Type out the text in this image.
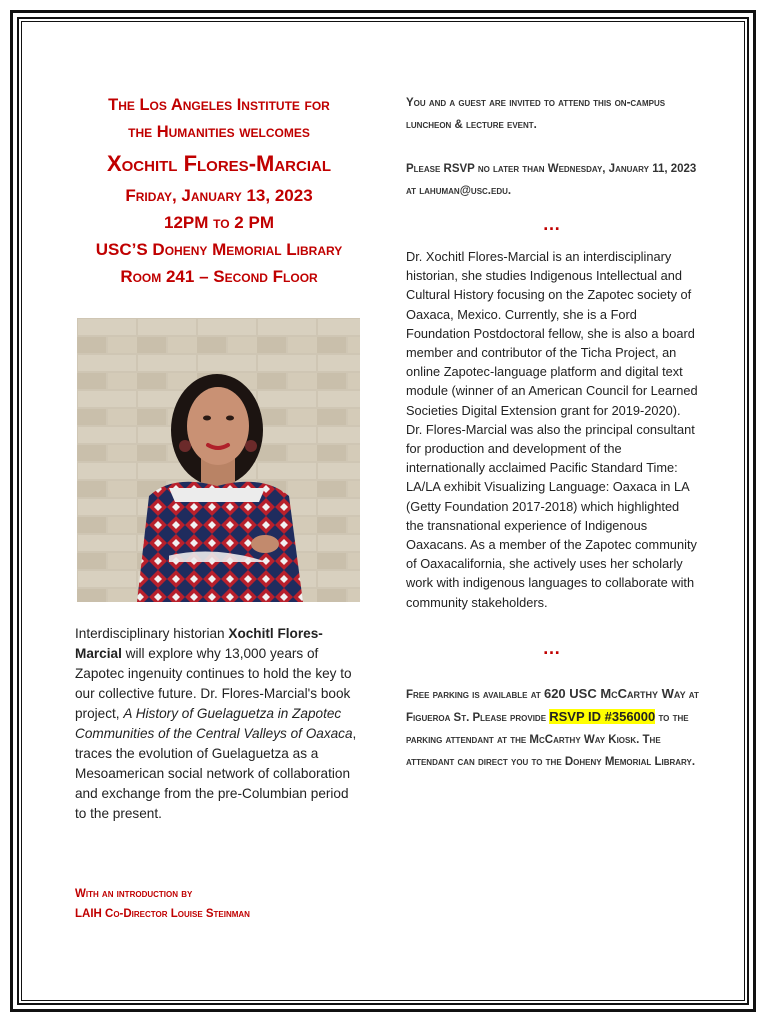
The Los Angeles Institute for

the Humanities welcomes

Xochitl Flores-Marcial

Friday, January 13, 2023

12PM to 2 PM

USC’S Doheny Memorial Library

Room 241 – Second Floor

Interdisciplinary historian Xochitl Flores-Marcial will explore why 13,000 years of Zapotec ingenuity continues to hold the key to our collective future. Dr. Flores-Marcial's book project, A History of Guelaguetza in Zapotec Communities of the Central Valleys of Oaxaca, traces the evolution of Guelaguetza as a Mesoamerican social network of collaboration and exchange from the pre-Columbian period to the present.

With an introduction by
LAIH Co-Director Louise Steinman

You and a guest are invited to attend this on-campus luncheon & lecture event.

Please RSVP no later than Wednesday, January 11, 2023 at lahuman@usc.edu.

…

Dr. Xochitl Flores-Marcial is an interdisciplinary historian, she studies Indigenous Intellectual and Cultural History focusing on the Zapotec society of Oaxaca, Mexico. Currently, she is a Ford Foundation Postdoctoral fellow, she is also a board member and contributor of the Ticha Project, an online Zapotec-language platform and digital text module (winner of an American Council for Learned Societies Digital Extension grant for 2019-2020). Dr. Flores-Marcial was also the principal consultant for production and development of the internationally acclaimed Pacific Standard Time: LA/LA exhibit Visualizing Language: Oaxaca in LA (Getty Foundation 2017-2018) which highlighted the transnational experience of Indigenous Oaxacans. As a member of the Zapotec community of Oaxacalifornia, she actively uses her scholarly work with indigenous languages to collaborate with community stakeholders.

…

Free parking is available at 620 USC McCarthy Way at Figueroa St. Please provide RSVP ID #356000 to the parking attendant at the McCarthy Way Kiosk. The attendant can direct you to the Doheny Memorial Library.
